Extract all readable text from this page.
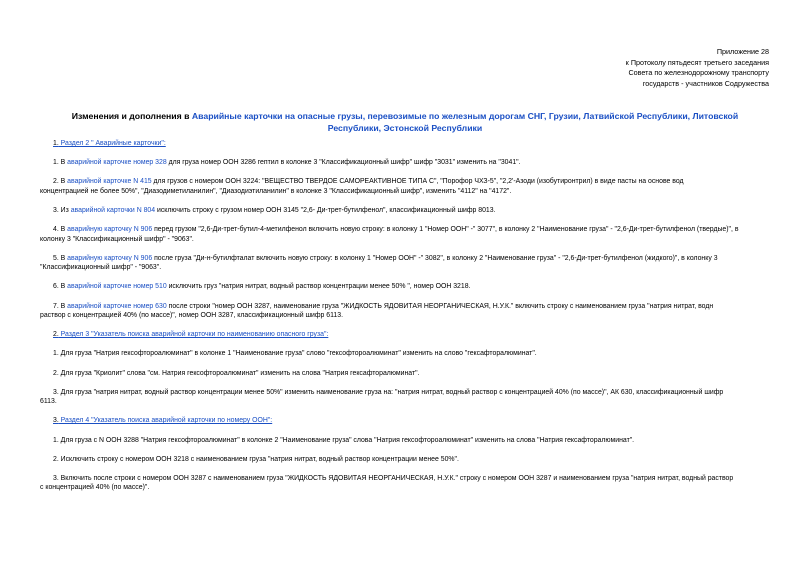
Приложение 28
к Протоколу пятьдесят третьего заседания
Совета по железнодорожному транспорту
государств - участников Содружества
Изменения и дополнения в Аварийные карточки на опасные грузы, перевозимые по железным дорогам СНГ, Грузии, Латвийской Республики, Литовской
Республики, Эстонской Республики
1. Раздел 2 " Аварийные карточки":
1. В аварийной карточке номер 328 для груза номер ООН 3286 гептил в колонке 3 "Классификационный шифр" шифр "3031" изменить на "3041".
2. В аварийной карточке N 415 для грузов с номером ООН 3224: "ВЕЩЕСТВО ТВЕРДОЕ САМОРЕАКТИВНОЕ ТИПА С", "Порофор ЧХЗ-5", "2,2'-Азоди (изобутиронтрил) в виде пасты на основе вод
концентрацией не более 50%", "Диазодиметиланилин", "Диазодиэтиланилин" в колонке 3 "Классификационный шифр", изменить "4112" на "4172".
3. Из аварийной карточки N 804 исключить строку с грузом номер ООН 3145 "2,6- Ди-трет-бутилфенол", классификационный шифр 8013.
4. В аварийную карточку N 906 перед грузом "2,6-Ди-трет-бутил-4-метилфенол включить новую строку: в колонку 1 "Номер ООН" -" 3077", в колонку 2 "Наименование груза" - "2,6-Ди-трет-бутилфенол (твердые)", в
колонку 3 "Классификационный шифр" - "9063".
5. В аварийную карточку N 906 после груза "Ди-н-бутилфталат включить новую строку: в колонку 1 "Номер ООН" -" 3082", в колонку 2 "Наименование груза" - "2,6-Ди-трет-бутилфенол (жидкого)", в колонку 3
"Классификационный шифр" - "9063".
6. В аварийной карточке номер 510 исключить груз "натрия нитрат, водный раствор концентрации менее 50% ", номер ООН 3218.
7. В аварийной карточке номер 630 после строки "номер ООН 3287, наименование груза "ЖИДКОСТЬ ЯДОВИТАЯ НЕОРГАНИЧЕСКАЯ, Н.У.К." включить строку с наименованием груза "натрия нитрат, водн
раствор с концентрацией 40% (по массе)", номер ООН 3287, классификационный шифр 6113.
2. Раздел 3 "Указатель поиска аварийной карточки по наименованию опасного груза":
1. Для груза "Натрия гексофтороалюминат" в колонке 1 "Наименование груза" слово "гексофтороалюминат" изменить на слово "гексафторалюминат".
2. Для груза "Криолит" слова "см. Натрия гексофтороалюминат" изменить на слова "Натрия гексафторалюминат".
3. Для груза "натрия нитрат, водный раствор концентрации менее 50%" изменить наименование груза на: "натрия нитрат, водный раствор с концентрацией 40% (по массе)", АК 630, классификационный шифр
6113.
3. Раздел 4 "Указатель поиска аварийной карточки по номеру ООН":
1. Для груза с N ООН 3288 "Натрия гексофтороалюминат" в колонке 2 "Наименование груза" слова "Натрия гексофтороалюминат" изменить на слова "Натрия гексафторалюминат".
2. Исключить строку с номером ООН 3218 с наименованием груза "натрия нитрат, водный раствор концентрации менее 50%".
3. Включить после строки с номером ООН 3287 с наименованием груза "ЖИДКОСТЬ ЯДОВИТАЯ НЕОРГАНИЧЕСКАЯ, Н.У.К." строку с номером ООН 3287 и наименованием груза "натрия нитрат, водный раствор
с концентрацией 40% (по массе)".
